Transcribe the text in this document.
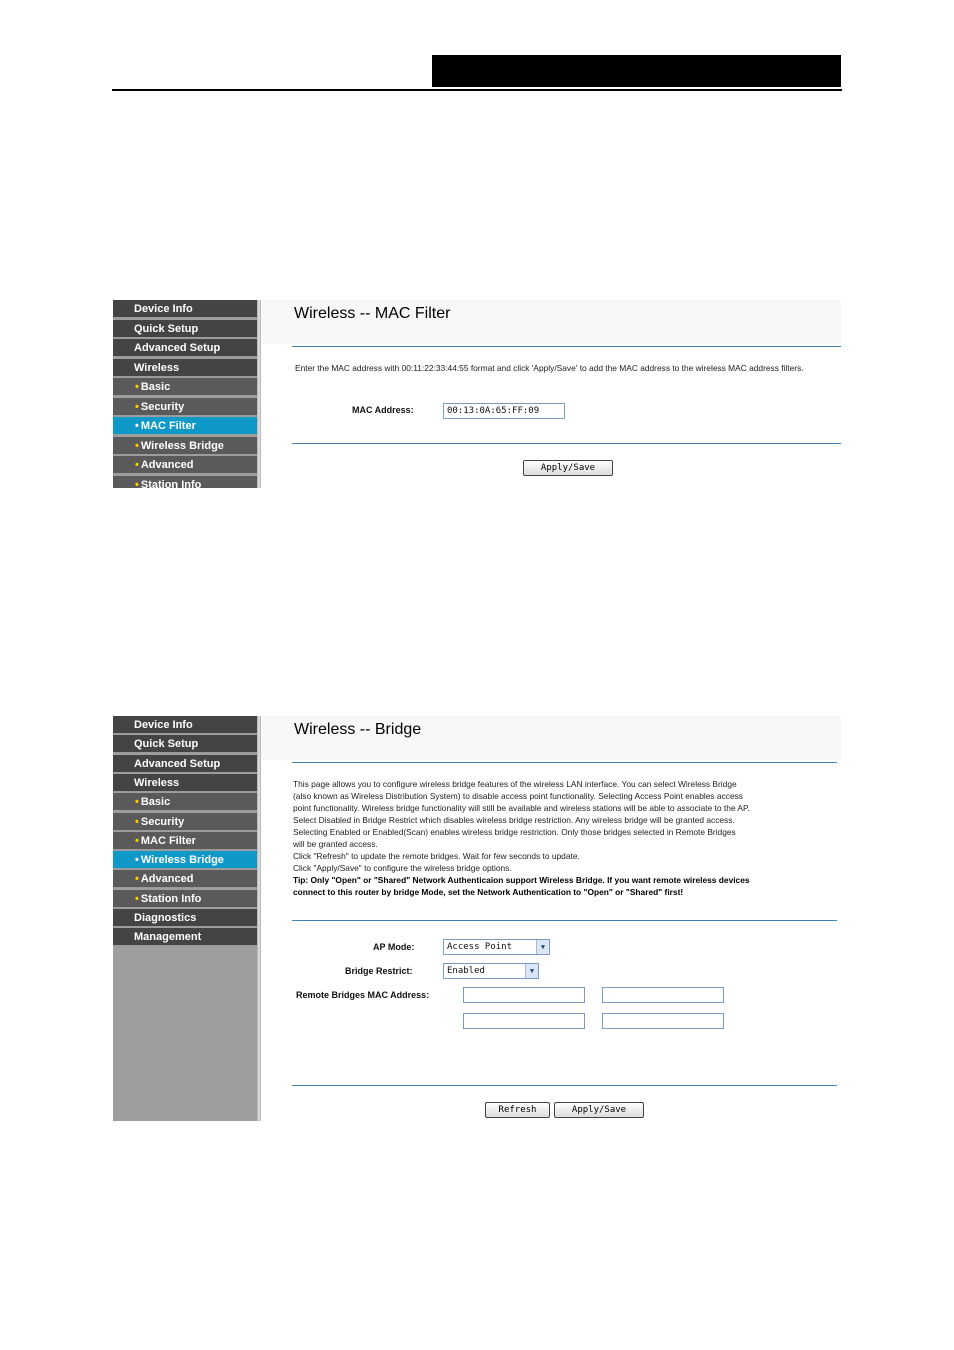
Device Info
Quick Setup
Advanced Setup
Wireless
• Basic
• Security
• MAC Filter
• Wireless Bridge
• Advanced
• Station Info
Wireless -- MAC Filter
Enter the MAC address with 00:11:22:33:44:55 format and click 'Apply/Save' to add the MAC address to the wireless MAC address filters.
MAC Address:	00:13:0A:65:FF:09
Apply/Save
Device Info
Quick Setup
Advanced Setup
Wireless
• Basic
• Security
• MAC Filter
• Wireless Bridge
• Advanced
• Station Info
Diagnostics
Management
Wireless -- Bridge
This page allows you to configure wireless bridge features of the wireless LAN interface. You can select Wireless Bridge
(also known as Wireless Distribution System) to disable access point functionality. Selecting Access Point enables access
point functionality. Wireless bridge functionality will still be available and wireless stations will be able to associate to the AP.
Select Disabled in Bridge Restrict which disables wireless bridge restriction. Any wireless bridge will be granted access.
Selecting Enabled or Enabled(Scan) enables wireless bridge restriction. Only those bridges selected in Remote Bridges
will be granted access.
Click "Refresh" to update the remote bridges. Wait for few seconds to update.
Click "Apply/Save" to configure the wireless bridge options.
Tip: Only "Open" or "Shared" Network Authenticaion support Wireless Bridge. If you want remote wireless devices
connect to this router by bridge Mode, set the Network Authentication to "Open" or "Shared" first!
AP Mode:	Access Point	▼
Bridge Restrict:	Enabled	▼
Remote Bridges MAC Address:
Refresh	Apply/Save
